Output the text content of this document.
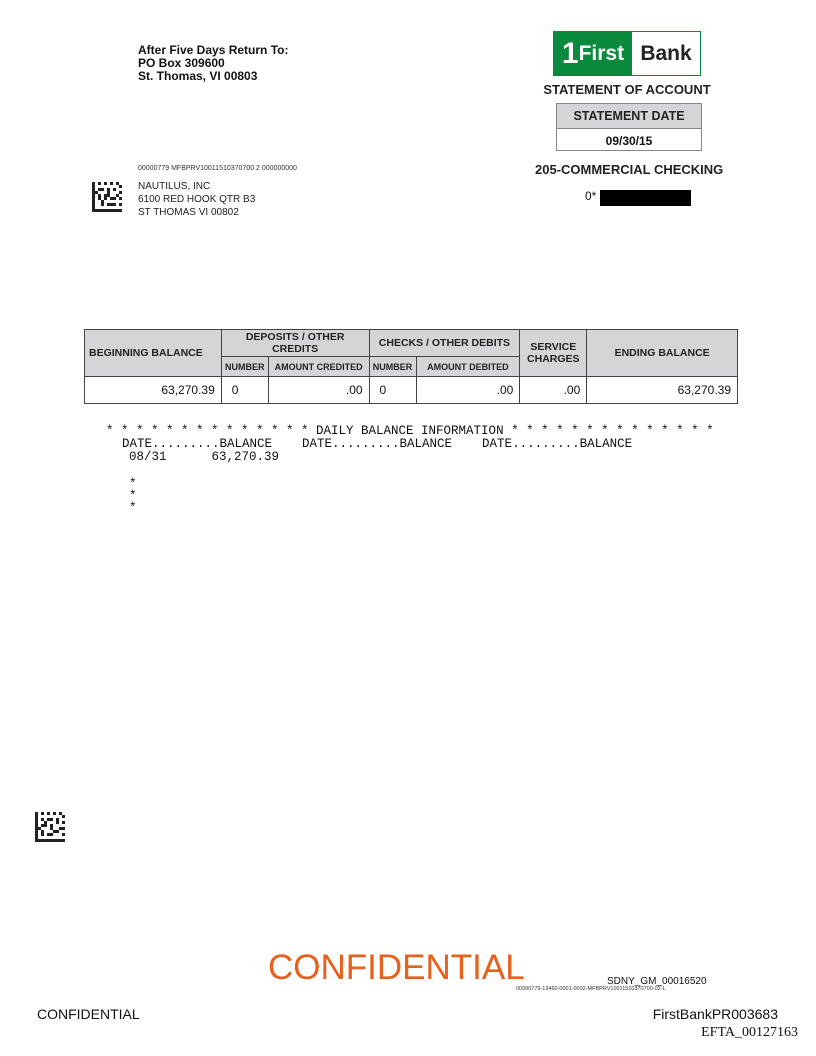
After Five Days Return To:
PO Box 309600
St. Thomas, VI 00803
1 First Bank
STATEMENT OF ACCOUNT
STATEMENT DATE
09/30/15
205-COMMERCIAL CHECKING
0*
00000779 MFBPRV10011510370700 2 000000000
NAUTILUS, INC
6100 RED HOOK QTR B3
ST THOMAS VI 00802
BEGINNING BALANCE	DEPOSITS / OTHER CREDITS		CHECKS / OTHER DEBITS		SERVICE CHARGES	ENDING BALANCE
	NUMBER	AMOUNT CREDITED	NUMBER	AMOUNT DEBITED		
63,270.39	0	.00	0	.00	.00	63,270.39
* * * * * * * * * * * * * * DAILY BALANCE INFORMATION * * * * * * * * * * * * * *
DATE.........BALANCE    DATE.........BALANCE    DATE.........BALANCE
08/31	63,270.39
*
*
*
CONFIDENTIAL	SDNY_GM_00016520
00000779-13460-0001-0002-MFBPRV10011510370700-02-L
CONFIDENTIAL	FirstBankPR003683
EFTA_00127163
